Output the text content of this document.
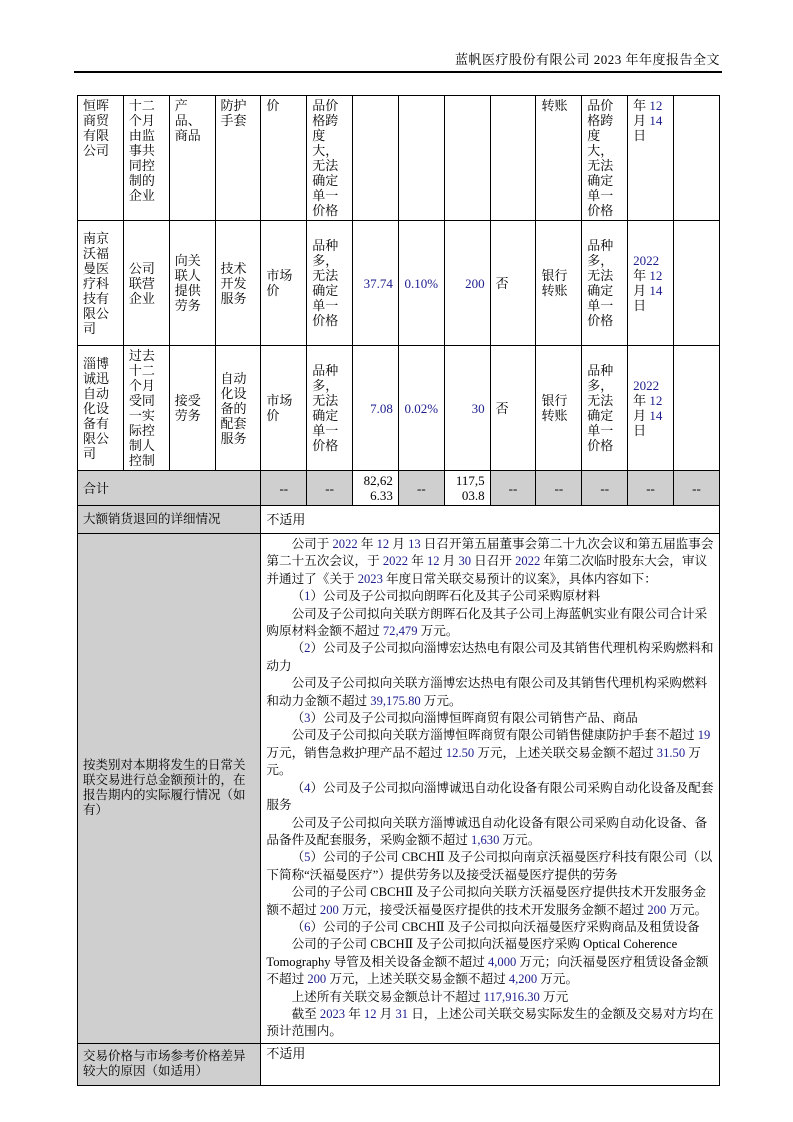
蓝帆医疗股份有限公司 2023 年年度报告全文
恒晖商贸有限公司	十二个月由监事共同控制的企业	产品、商品	防护手套	价	品价格跨度大，无法确定单一价格					转账	品价格跨度大，无法确定单一价格	年 12 月 14 日	
南京沃福曼医疗科技有限公司	公司联营企业	向关联人提供劳务	技术开发服务	市场价	品种多，无法确定单一价格	37.74	0.10%	200	否	银行转账	品种多，无法确定单一价格	2022 年 12 月 14 日	
淄博诚迅自动化设备有限公司	过去十二个月受同一实际控制人控制	接受劳务	自动化设备的配套服务	市场价	品种多，无法确定单一价格	7.08	0.02%	30	否	银行转账	品种多，无法确定单一价格	2022 年 12 月 14 日	
合计				--	--	82,626.33	--	117,503.8	--	--	--	--	--
大额销货退回的详细情况				不适用									
按类别对本期将发生的日常关联交易进行总金额预计的，在报告期内的实际履行情况（如有）	

公司于 2022 年 12 月 13 日召开第五届董事会第二十九次会议和第五届监事会第二十五次会议，于 2022 年 12 月 30 日召开 2022 年第二次临时股东大会，审议并通过了《关于 2023 年度日常关联交易预计的议案》，具体内容如下：

（1）公司及子公司拟向朗晖石化及其子公司采购原材料

公司及子公司拟向关联方朗晖石化及其子公司上海蓝帆实业有限公司合计采购原材料金额不超过 72,479 万元。

（2）公司及子公司拟向淄博宏达热电有限公司及其销售代理机构采购燃料和动力

公司及子公司拟向关联方淄博宏达热电有限公司及其销售代理机构采购燃料和动力金额不超过 39,175.80 万元。

（3）公司及子公司拟向淄博恒晖商贸有限公司销售产品、商品

公司及子公司拟向关联方淄博恒晖商贸有限公司销售健康防护手套不超过 19 万元，销售急救护理产品不超过 12.50 万元，上述关联交易金额不超过 31.50 万元。

（4）公司及子公司拟向淄博诚迅自动化设备有限公司采购自动化设备及配套服务

公司及子公司拟向关联方淄博诚迅自动化设备有限公司采购自动化设备、备品备件及配套服务，采购金额不超过 1,630 万元。

（5）公司的子公司 CBCHⅡ 及子公司拟向南京沃福曼医疗科技有限公司（以下简称“沃福曼医疗”）提供劳务以及接受沃福曼医疗提供的劳务

公司的子公司 CBCHⅡ 及子公司拟向关联方沃福曼医疗提供技术开发服务金额不超过 200 万元，接受沃福曼医疗提供的技术开发服务金额不超过 200 万元。

（6）公司的子公司 CBCHⅡ 及子公司拟向沃福曼医疗采购商品及租赁设备

公司的子公司 CBCHⅡ 及子公司拟向沃福曼医疗采购 Optical Coherence Tomography 导管及相关设备金额不超过 4,000 万元；向沃福曼医疗租赁设备金额不超过 200 万元，上述关联交易金额不超过 4,200 万元。

上述所有关联交易金额总计不超过 117,916.30 万元

截至 2023 年 12 月 31 日，上述公司关联交易实际发生的金额及交易对方均在预计范围内。

交易价格与市场参考价格差异较大的原因（如适用）				不适用									
